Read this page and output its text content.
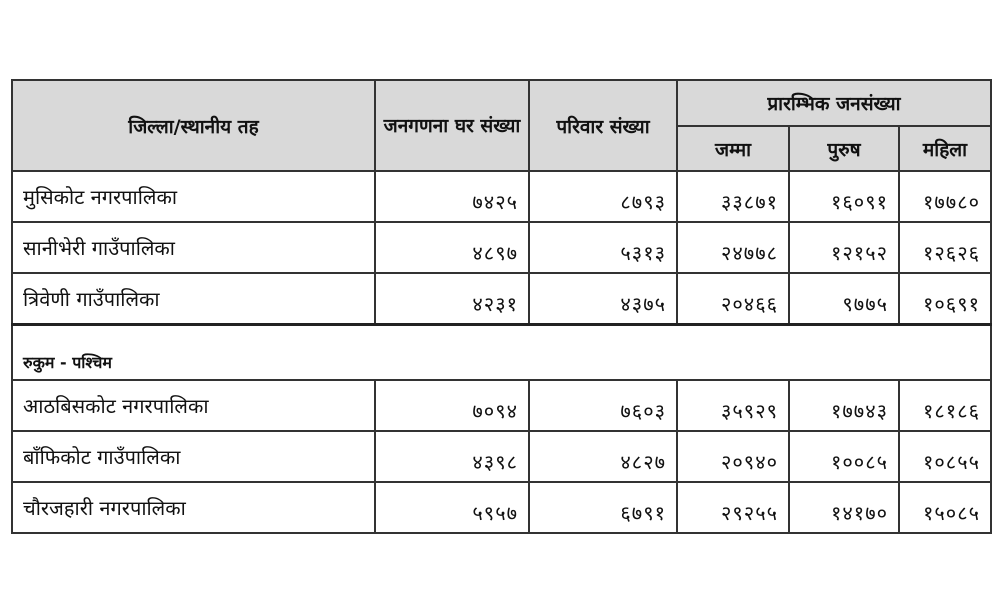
जिल्ला/स्थानीय तह	जनगणना घर संख्या	परिवार संख्या	प्रारम्भिक जनसंख्या		
			जम्मा	पुरुष	महिला
मुसिकोट नगरपालिका	७४२५	८७९३	३३८७१	१६०९१	१७७८०
सानीभेरी गाउँपालिका	४८९७	५३१३	२४७७८	१२१५२	१२६२६
त्रिवेणी गाउँपालिका	४२३१	४३७५	२०४६६	९७७५	१०६९१
रुकुम - पश्चिम					
आठबिसकोट नगरपालिका	७०९४	७६०३	३५९२९	१७७४३	१८१८६
बाँफिकोट गाउँपालिका	४३९८	४८२७	२०९४०	१००८५	१०८५५
चौरजहारी नगरपालिका	५९५७	६७९१	२९२५५	१४१७०	१५०८५
